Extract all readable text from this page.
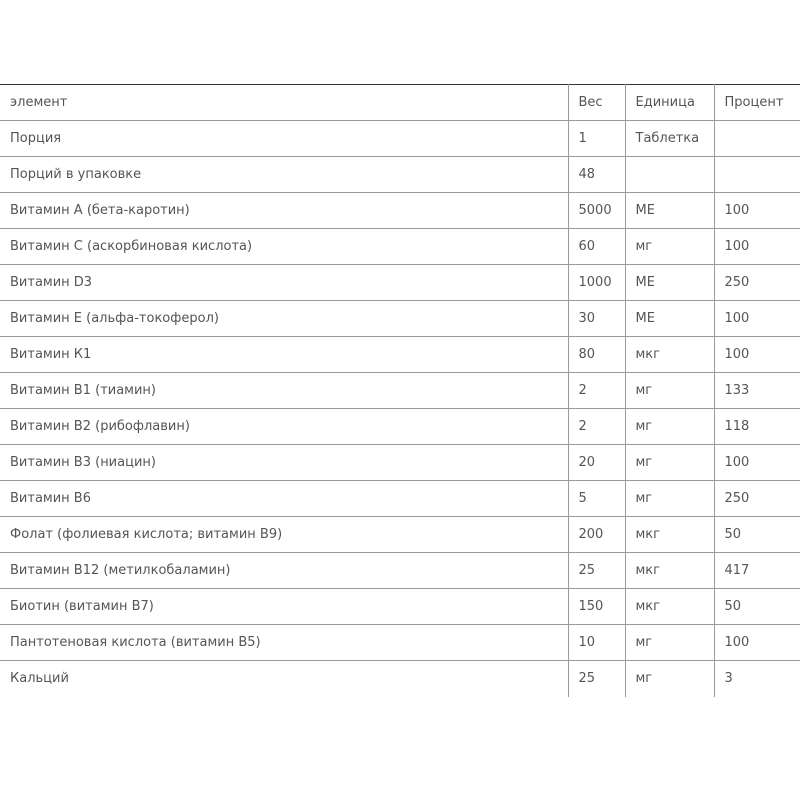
элемент	Вес	Единица	Процент
Порция	1	Таблетка	
Порций в упаковке	48		
Витамин А (бета-каротин)	5000	МЕ	100
Витамин С (аскорбиновая кислота)	60	мг	100
Витамин D3	1000	МЕ	250
Витамин Е (альфа-токоферол)	30	МЕ	100
Витамин К1	80	мкг	100
Витамин В1 (тиамин)	2	мг	133
Витамин В2 (рибофлавин)	2	мг	118
Витамин В3 (ниацин)	20	мг	100
Витамин В6	5	мг	250
Фолат (фолиевая кислота; витамин В9)	200	мкг	50
Витамин В12 (метилкобаламин)	25	мкг	417
Биотин (витамин В7)	150	мкг	50
Пантотеновая кислота (витамин В5)	10	мг	100
Кальций	25	мг	3
